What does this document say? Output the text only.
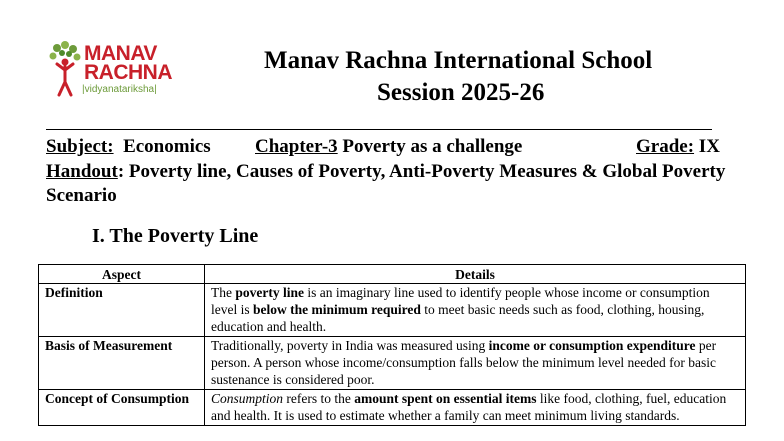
MANAV
RACHNA
|vidyanatariksha|
Manav Rachna International School
Session 2025-26
Subject: Economics Chapter-3 Poverty as a challenge	Grade: IX
Handout: Poverty line, Causes of Poverty, Anti-Poverty Measures & Global Poverty Scenario
I. The Poverty Line
Aspect	Details
Definition	The poverty line is an imaginary line used to identify people whose income or consumption level is below the minimum required to meet basic needs such as food, clothing, housing, education and health.
Basis of Measurement	Traditionally, poverty in India was measured using income or consumption expenditure per person. A person whose income/consumption falls below the minimum level needed for basic sustenance is considered poor.
Concept of Consumption	Consumption refers to the amount spent on essential items like food, clothing, fuel, education and health. It is used to estimate whether a family can meet minimum living standards.
